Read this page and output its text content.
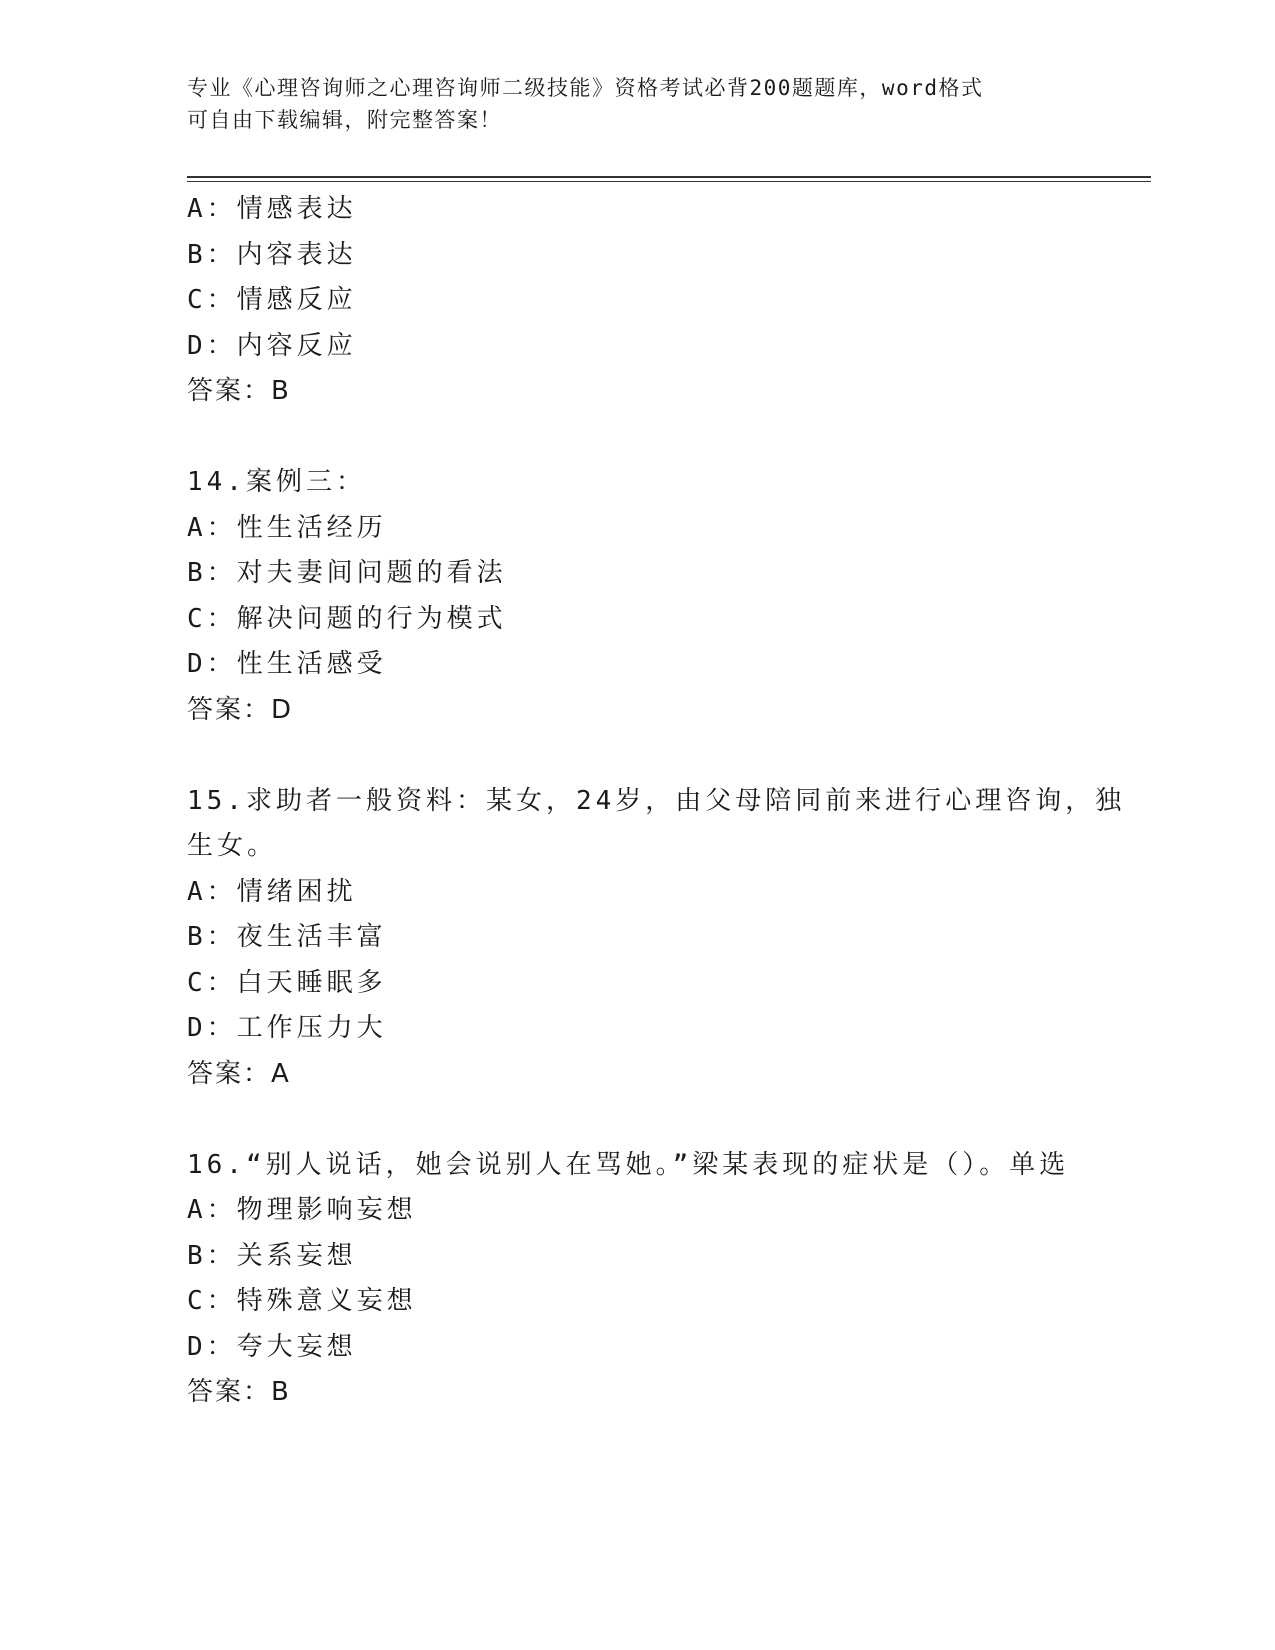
专业《心理咨询师之心理咨询师二级技能》资格考试必背200题题库，word格式

可自由下载编辑，附完整答案！

A：情感表达
B：内容表达
C：情感反应
D：内容反应
答案：B
14.案例三：
A：性生活经历
B：对夫妻间问题的看法
C：解决问题的行为模式
D：性生活感受
答案：D
15.求助者一般资料：某女，24岁，由父母陪同前来进行心理咨询，独
生女。
A：情绪困扰
B：夜生活丰富
C：白天睡眠多
D：工作压力大
答案：A
16.“别人说话，她会说别人在骂她。”梁某表现的症状是（）。单选
A：物理影响妄想
B：关系妄想
C：特殊意义妄想
D：夸大妄想
答案：B
